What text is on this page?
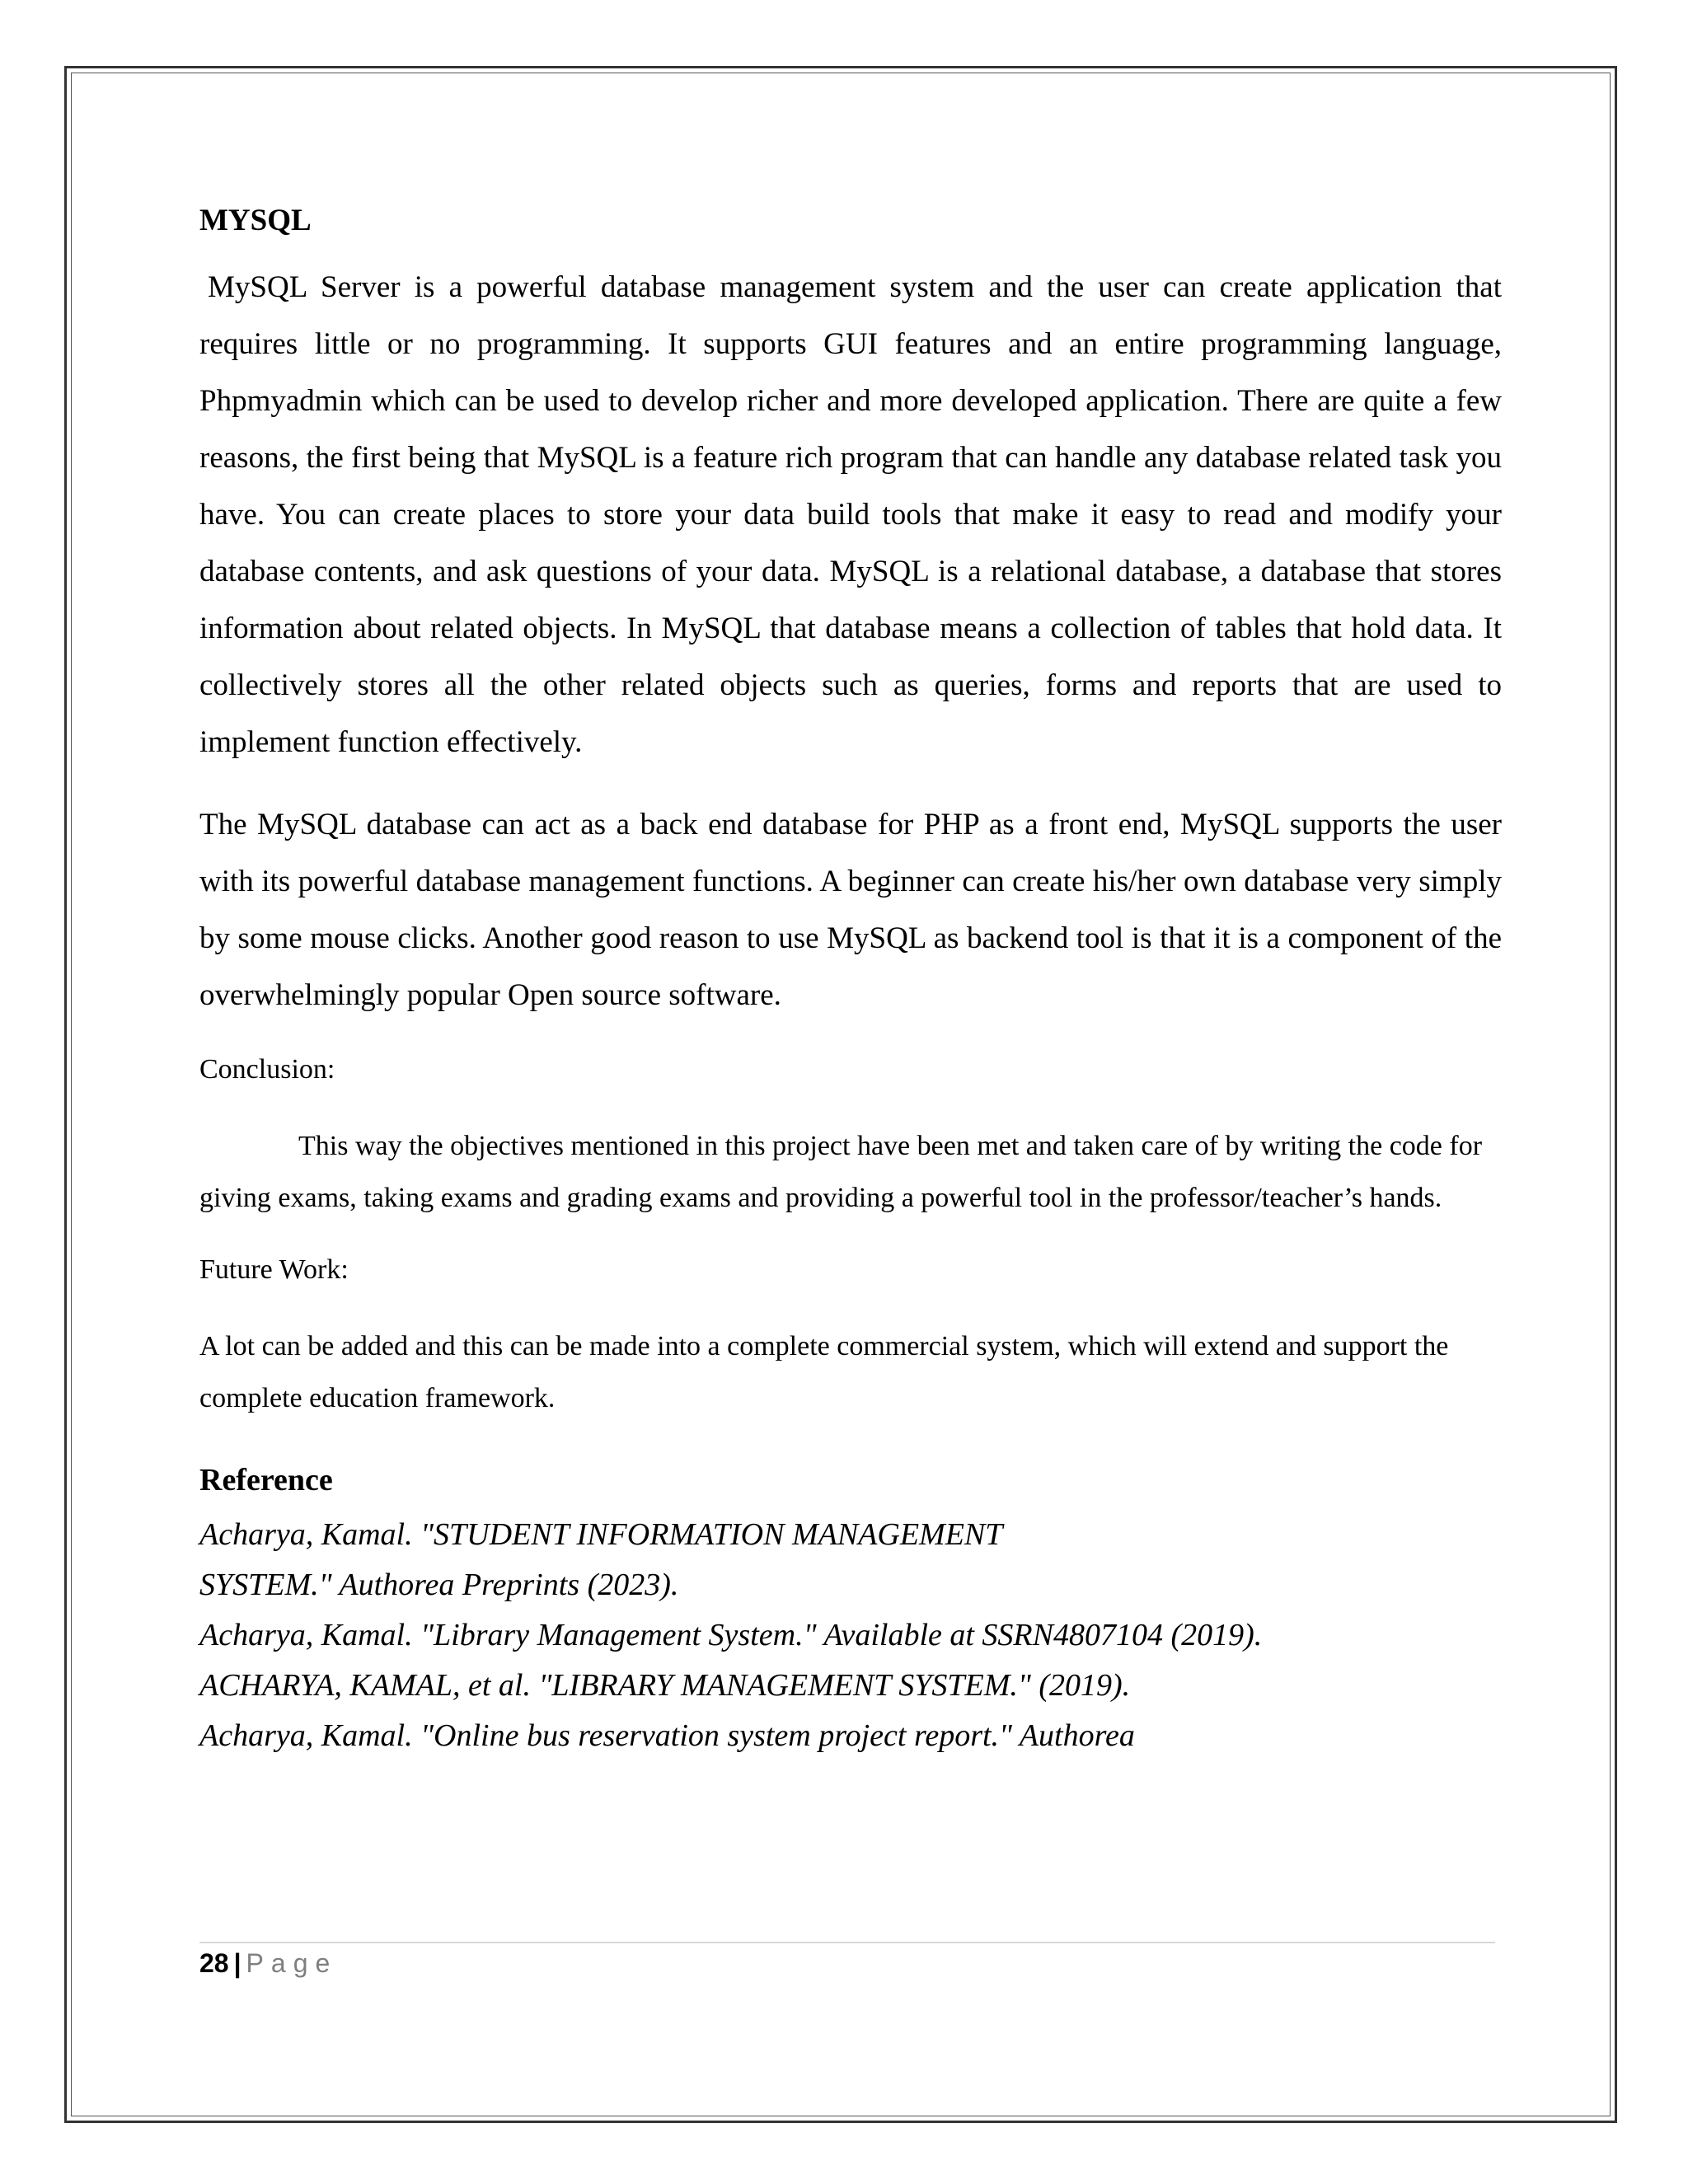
MYSQL

MySQL Server is a powerful database management system and the user can create application that requires little or no programming. It supports GUI features and an entire programming language, Phpmyadmin which can be used to develop richer and more developed application. There are quite a few reasons, the first being that MySQL is a feature rich program that can handle any database related task you have. You can create places to store your data build tools that make it easy to read and modify your database contents, and ask questions of your data. MySQL is a relational database, a database that stores information about related objects. In MySQL that database means a collection of tables that hold data. It collectively stores all the other related objects such as queries, forms and reports that are used to implement function effectively.

The MySQL database can act as a back end database for PHP as a front end, MySQL supports the user with its powerful database management functions. A beginner can create his/her own database very simply by some mouse clicks. Another good reason to use MySQL as backend tool is that it is a component of the overwhelmingly popular Open source software.

Conclusion:

This way the objectives mentioned in this project have been met and taken care of by writing the code for giving exams, taking exams and grading exams and providing a powerful tool in the professor/teacher’s hands.

Future Work:

A lot can be added and this can be made into a complete commercial system, which will extend and support the complete education framework.

Reference
Acharya, Kamal. "STUDENT INFORMATION MANAGEMENT
SYSTEM." Authorea Preprints (2023).
Acharya, Kamal. "Library Management System." Available at SSRN4807104 (2019).
ACHARYA, KAMAL, et al. "LIBRARY MANAGEMENT SYSTEM." (2019).
Acharya, Kamal. "Online bus reservation system project report." Authorea
28 | Page
